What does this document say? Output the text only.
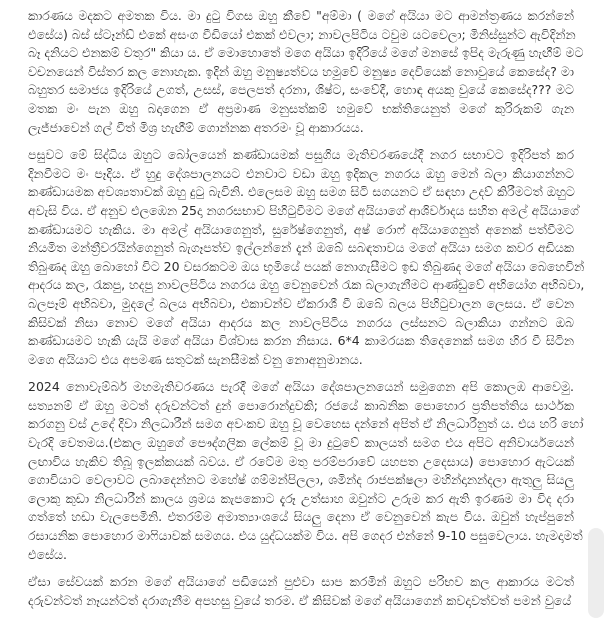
කාරණය මදකට අමතක විය. මා දුටු විගස ඔහු කීවේ "අම්මා ( මගේ අයියා මට ආමන්ත්‍රණය කරන්නේ
එසේය) බස් ස්ටෑන්ඩ් එකේ අසංග වීඩියෝ එකක් එවලා; නාවලපිටිය ටවුම යටවෙලා; මිනිස්සුන්ට ඇවිදින්න
බෑ දනියට එනකම් වතුර" කියා ය. ඒ මොහොතේ මගෙ අයියා ඉදිරියේ මගේ මනසේ ඉපිද මැරුණු හැඟීම් මට
වචනයෙන් විස්තර කල නොහැක. ඉදින් ඔහු මනුෂ්‍යත්වය හමුවේ මනුෂ්‍ය දෙවියෙක් නොවුයේ කෙසේද? මා
බහුතර සමාජය ඉදිරියේ උගත්, උසස්, පෙලපත් දරනා, ශිෂ්ට, සංවේදී, හොඳ අයකු වුයේ කෙසේද??? මට
මතක මං පැන ඔහු බදාගෙන ඒ අප්‍රමාණ මනුසත්කම් හමුවේ භක්තියෙනුත් මගේ කුරිරුකම් ගැන
ලැජ්ජාවෙන් ගල් වීත් මිශ්‍ර හැඟීම් ගොන්නක අතරමං වූ ආකාරයය.
පසුවට මේ සිද්ධිය ඔහුට බෝලයෙන් කණ්ඩායමක් පසුගිය මැතිවරණයේදී නගර සභාවට ඉදිරිපත් කර
දිනවීමට මං පෑදිය. ඒ හුදු දේශපාලනයට එනවාට වඩා ඔහු ඉදිකල නගරය ඔහු මෙන් බලා කියාගන්නට
කණ්ඩායමක අවශ්‍යතාවක් ඔහු දුටු බැවිනි. එලෙසම ඔහු සමග සිටි සගයනට ඒ සඳහා උදව් කිරීමටත් ඔහුට
අවැසි විය. ඒ අනුව එලඹෙන 25දා නගරසභාව පිහිටුවීමට මගේ අයියාගේ ආශිර්වාදය සහිත අමල් අයියාගේ
කණ්ඩායමට හැකිය. මා අමල් අයියාගෙනුත්, සුරේෂ්ගෙනුත්, අෂ් රොෆ් අයියාගෙනුත් අනෙක් පත්වීමට
නියමිත මන්ත්‍රීවරයින්ගෙනුත් බැගෑපත්ව ඉල්ලන්නේ දැන් ඔබේ සබඳතාවය මගේ අයියා සමග කවර අඩියක
තිබුණද ඔහු බොහෝ විට 20 වසරකටම ඔය භූමියේ පයක් නොගැසීමට ඉඩ තිබුණද මගේ අයියා බෙහෙවින්
ආදරය කල, රැකපු, හදපු නාවලපිටිය නගරය ඔහු වෙනුවෙන් රැක බලාගැනීමට ආණ්ඩුවේ අභියෝග අභිබවා,
බලපෑම් අභිබවා, මුදලේ බලය අභිබවා, එකාවන්ව ඒකරාශී වී ඔබේ බලය පිහිටුවාලන ලෙසය. ඒ වෙන
කිසිවක් නිසා නොව මගේ අයියා ආදරය කල නාවලපිටිය නගරය ලස්සනට බලාකියා ගන්නට ඔබ
කණ්ඩායමට හැකි යැයි මගේ අයියා විශ්වාස කරන නිසාය. 6*4 කාමරයක තිදෙනෙක් සමග හිර වී සිටින
මගෙ අයියාට එය අපමණ සතුටක් සැනසීමක් වනු නොඅනුමානය.
2024 නොවැම්බර් මහමැතිවරණය පැරදී මගේ අයියා දේශපාලනයෙන් සමුගෙන අපි කොලඹ ආවෙමු.
සත්‍යනම් ඒ ඔහු මටත් දරුවන්ටත් දුන් පොරොන්දුවකි; රජයේ කාබනික පොහොර ප්‍රතිපත්තිය සාර්ථක
කරගනු වස් උදේ දිවා නිලධාරීන් සමග අවංකව ඔහු වූ වෙහෙස දන්නේ අපිත් ඒ නිලධාරීනුත් ය. එය හරි හෝ
වැරදි වෙතමය.(එකල ඔහුගේ පෞද්ගලික ලේකම් වූ මා දුටුවේ කාලයත් සමග එය අපිට අනිවාර්යයෙන්
ලඟාවිය හැකිව තිබූ ඉලක්කයක් බවය. ඒ රටේම මතු පරම්පරාවේ යහපත උදෙසාය) පොහොර ඇටයක්
ගොවියාට වෙලාවට ලබාදෙන්නට මහේෂ් ගම්මන්පිලලා, ශමින්ද රාජපක්ෂලා මහින්දානන්දලා ඇතුලු සියලු
ලොකු කුඩා නිලධාරීන් කාලය ශ්‍රමය කැපකොට දැරූ උත්සාහ ඔවුන්ට උරුම කර ඇති ඉරණම මා විද දරා
ගත්තේ හඩා වැලපෙමිනි. එතරම්ම අමාත්‍යාංශයේ සියලු දෙනා ඒ වෙනුවෙන් කැප විය. ඔවුන් හැප්පුනේ
රසායනික පොහොර මාෆියාවක් සමගය. එය යුද්ධයක්ම විය. අපි ගෙදර එන්නේ 9-10 පසුවෙලාය. හැමදාමත්
එසේය.
ඒසා සේවයක් කරන මගේ අයියාගේ පඩියෙන් පුළුවා සාප කරමින් ඔහුට පරිභව කල ආකාරය මටත්
දරුවන්ටත් නෑයන්ටත් දරාගැනීම අපහසු වුයේ තරම. ඒ කිසිවක් මගේ අයියාගෙන් කවදාවත්වත් පමන් වුයේ
